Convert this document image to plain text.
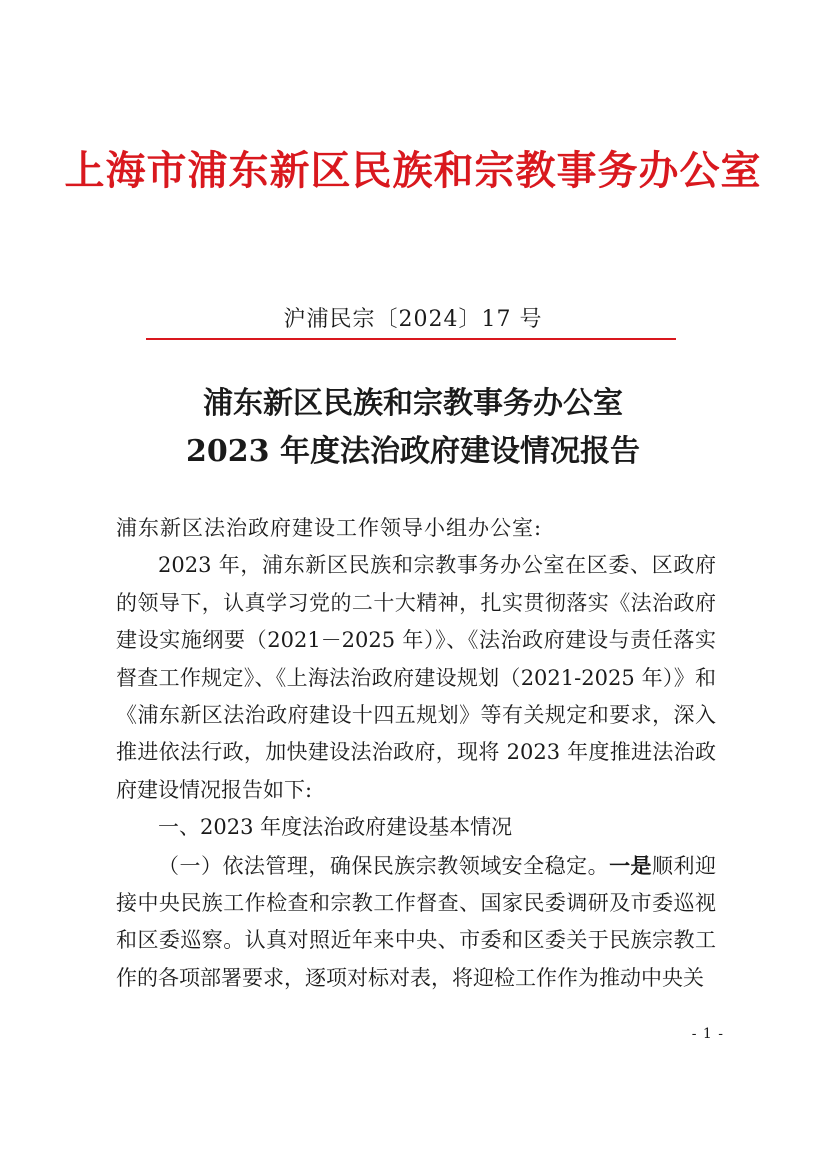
上海市浦东新区民族和宗教事务办公室
沪浦民宗〔2024〕17 号
浦东新区民族和宗教事务办公室
2023 年度法治政府建设情况报告

浦东新区法治政府建设工作领导小组办公室:

2023 年，浦东新区民族和宗教事务办公室在区委、区政府的领导下，认真学习党的二十大精神，扎实贯彻落实《法治政府建设实施纲要（2021－2025 年）》、《法治政府建设与责任落实督查工作规定》、《上海法治政府建设规划（2021-2025 年）》和《浦东新区法治政府建设十四五规划》等有关规定和要求，深入推进依法行政，加快建设法治政府，现将 2023 年度推进法治政府建设情况报告如下:

一、2023 年度法治政府建设基本情况

（一）依法管理，确保民族宗教领域安全稳定。一是顺利迎接中央民族工作检查和宗教工作督查、国家民委调研及市委巡视和区委巡察。认真对照近年来中央、市委和区委关于民族宗教工作的各项部署要求，逐项对标对表，将迎检工作作为推动中央关

- 1 -
